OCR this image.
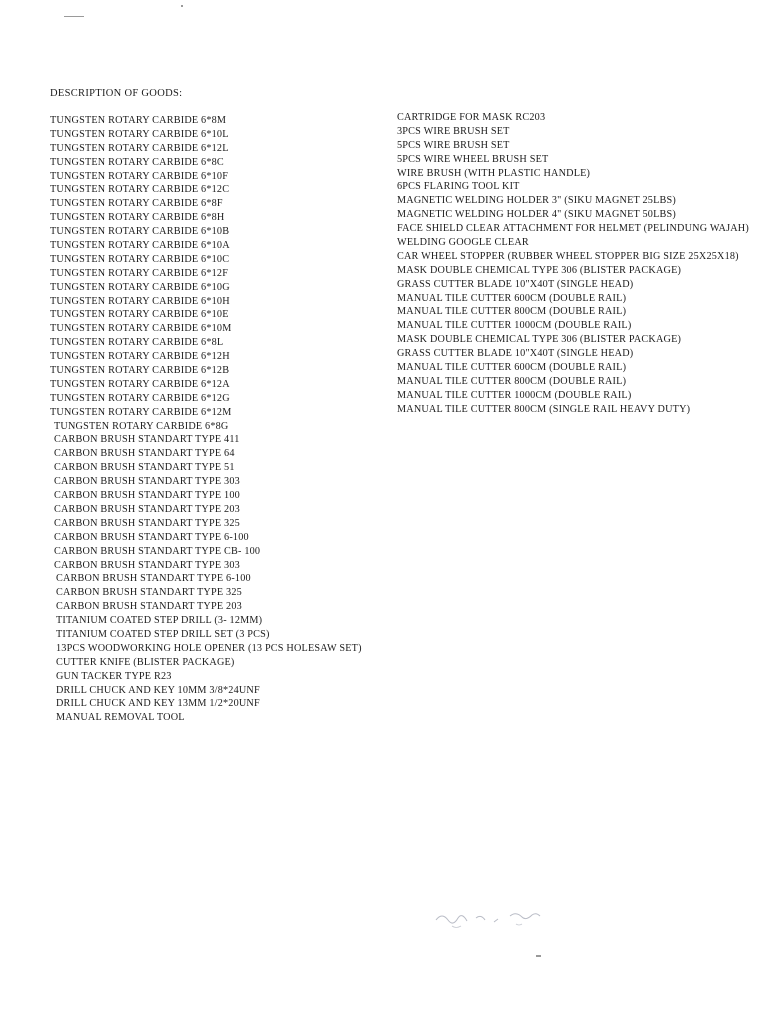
DESCRIPTION OF GOODS:
TUNGSTEN ROTARY CARBIDE 6*8M
TUNGSTEN ROTARY CARBIDE 6*10L
TUNGSTEN ROTARY CARBIDE 6*12L
TUNGSTEN ROTARY CARBIDE 6*8C
TUNGSTEN ROTARY CARBIDE 6*10F
TUNGSTEN ROTARY CARBIDE 6*12C
TUNGSTEN ROTARY CARBIDE 6*8F
TUNGSTEN ROTARY CARBIDE 6*8H
TUNGSTEN ROTARY CARBIDE 6*10B
TUNGSTEN ROTARY CARBIDE 6*10A
TUNGSTEN ROTARY CARBIDE 6*10C
TUNGSTEN ROTARY CARBIDE 6*12F
TUNGSTEN ROTARY CARBIDE 6*10G
TUNGSTEN ROTARY CARBIDE 6*10H
TUNGSTEN ROTARY CARBIDE 6*10E
TUNGSTEN ROTARY CARBIDE 6*10M
TUNGSTEN ROTARY CARBIDE 6*8L
TUNGSTEN ROTARY CARBIDE 6*12H
TUNGSTEN ROTARY CARBIDE 6*12B
TUNGSTEN ROTARY CARBIDE 6*12A
TUNGSTEN ROTARY CARBIDE 6*12G
TUNGSTEN ROTARY CARBIDE 6*12M
TUNGSTEN ROTARY CARBIDE 6*8G
CARBON BRUSH STANDART TYPE 411
CARBON BRUSH STANDART TYPE 64
CARBON BRUSH STANDART TYPE 51
CARBON BRUSH STANDART TYPE 303
CARBON BRUSH STANDART TYPE 100
CARBON BRUSH STANDART TYPE 203
CARBON BRUSH STANDART TYPE 325
CARBON BRUSH STANDART TYPE 6-100
CARBON BRUSH STANDART TYPE CB- 100
CARBON BRUSH STANDART TYPE 303
CARBON BRUSH STANDART TYPE 6-100
CARBON BRUSH STANDART TYPE 325
CARBON BRUSH STANDART TYPE 203
TITANIUM COATED STEP DRILL (3- 12MM)
TITANIUM COATED STEP DRILL SET (3 PCS)
13PCS WOODWORKING HOLE OPENER (13 PCS HOLESAW SET)
CUTTER KNIFE (BLISTER PACKAGE)
GUN TACKER TYPE R23
DRILL CHUCK AND KEY 10MM 3/8*24UNF
DRILL CHUCK AND KEY 13MM 1/2*20UNF
MANUAL REMOVAL TOOL
CARTRIDGE FOR MASK RC203
3PCS WIRE BRUSH SET
5PCS WIRE BRUSH SET
5PCS WIRE WHEEL BRUSH SET
WIRE BRUSH (WITH PLASTIC HANDLE)
6PCS FLARING TOOL KIT
MAGNETIC WELDING HOLDER 3" (SIKU MAGNET 25LBS)
MAGNETIC WELDING HOLDER 4" (SIKU MAGNET 50LBS)
FACE SHIELD CLEAR ATTACHMENT FOR HELMET (PELINDUNG WAJAH)
WELDING GOOGLE CLEAR
CAR WHEEL STOPPER (RUBBER WHEEL STOPPER BIG SIZE 25X25X18)
MASK DOUBLE CHEMICAL TYPE 306 (BLISTER PACKAGE)
GRASS CUTTER BLADE 10"X40T (SINGLE HEAD)
MANUAL TILE CUTTER 600CM (DOUBLE RAIL)
MANUAL TILE CUTTER 800CM (DOUBLE RAIL)
MANUAL TILE CUTTER 1000CM (DOUBLE RAIL)
MASK DOUBLE CHEMICAL TYPE 306 (BLISTER PACKAGE)
GRASS CUTTER BLADE 10"X40T (SINGLE HEAD)
MANUAL TILE CUTTER 600CM (DOUBLE RAIL)
MANUAL TILE CUTTER 800CM (DOUBLE RAIL)
MANUAL TILE CUTTER 1000CM (DOUBLE RAIL)
MANUAL TILE CUTTER 800CM (SINGLE RAIL HEAVY DUTY)
